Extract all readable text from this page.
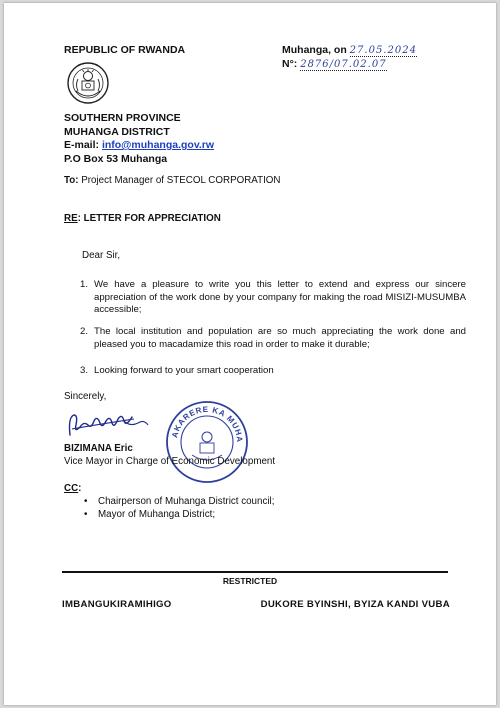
REPUBLIC OF RWANDA	Muhanga, on 27.05.2024
N°: 2876/07.02.07
SOUTHERN PROVINCE
MUHANGA DISTRICT
E-mail: info@muhanga.gov.rw
P.O Box 53 Muhanga
To: Project Manager of STECOL CORPORATION
RE: LETTER FOR APPRECIATION
Dear Sir,
1. We have a pleasure to write you this letter to extend and express our sincere appreciation of the work done by your company for making the road MISIZI-MUSUMBA accessible;
2. The local institution and population are so much appreciating the work done and pleased you to macadamize this road in order to make it durable;
3. Looking forward to your smart cooperation
Sincerely,
AKARERE KA MUHA
BIZIMANA Eric
Vice Mayor in Charge of Economic Development
CC:
• Chairperson of Muhanga District council;
• Mayor of Muhanga District;
RESTRICTED
IMBANGUKIRAMIHIGO	DUKORE BYINSHI, BYIZA KANDI VUBA
